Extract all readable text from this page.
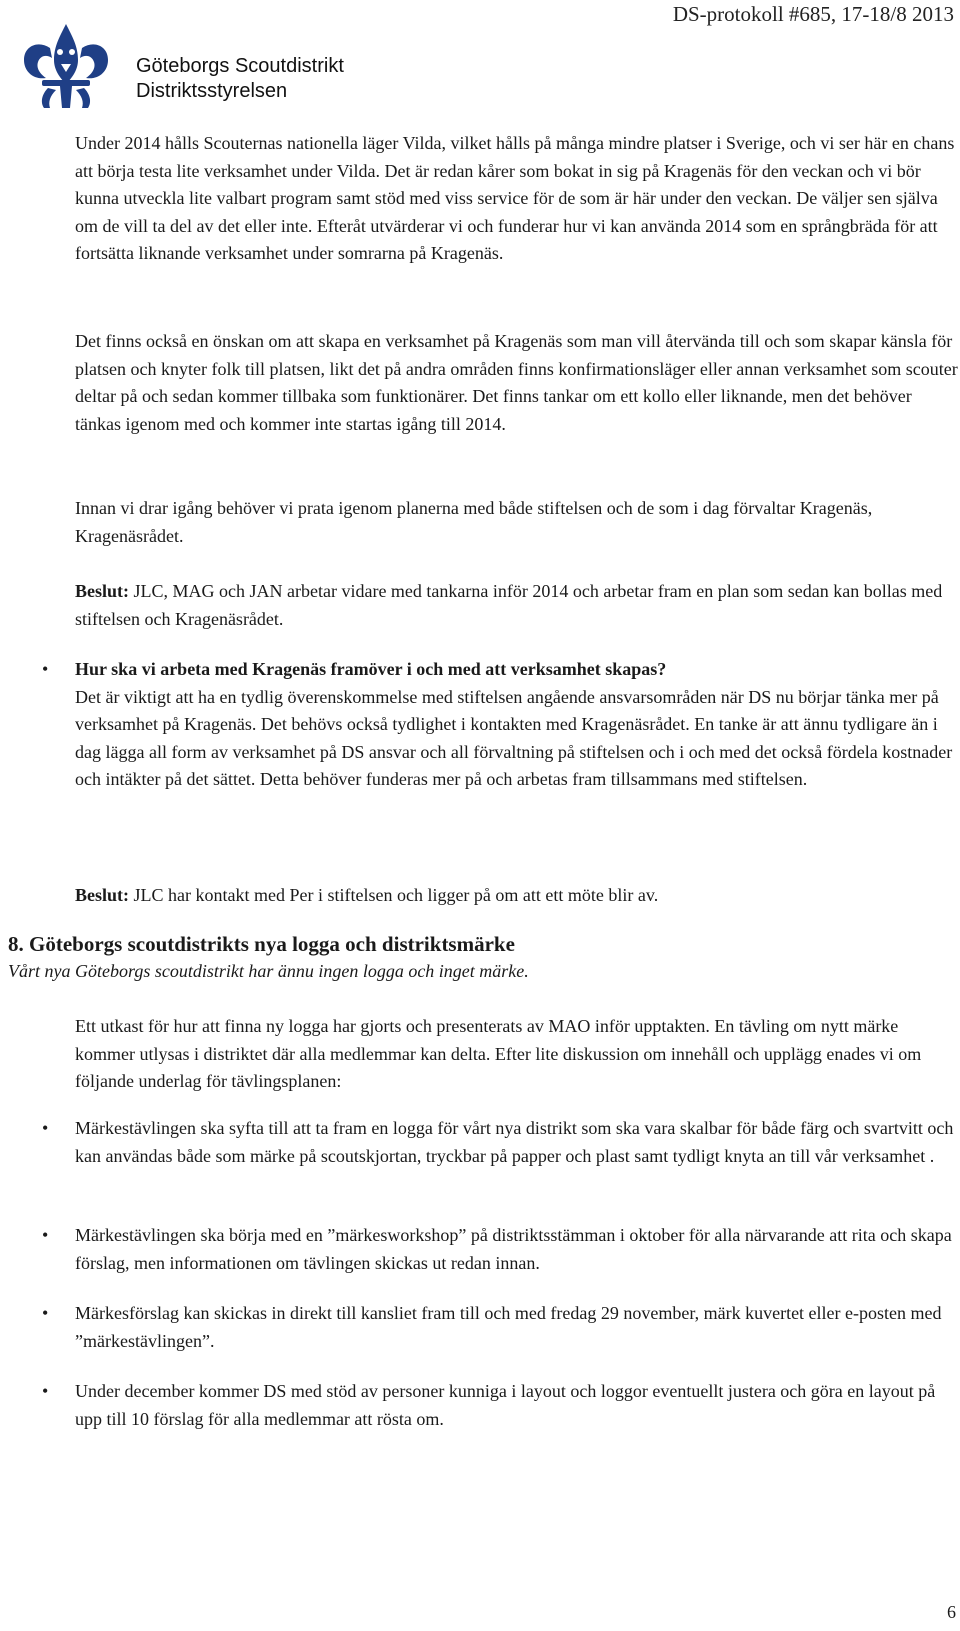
DS-protokoll #685, 17-18/8 2013
Göteborgs Scoutdistrikt
Distriktsstyrelsen

Under 2014 hålls Scouternas nationella läger Vilda, vilket hålls på många mindre platser i Sverige, och vi ser här en chans att börja testa lite verksamhet under Vilda. Det är redan kårer som bokat in sig på Kragenäs för den veckan och vi bör kunna utveckla lite valbart program samt stöd med viss service för de som är här under den veckan. De väljer sen själva om de vill ta del av det eller inte. Efteråt utvärderar vi och funderar hur vi kan använda 2014 som en språngbräda för att fortsätta liknande verksamhet under somrarna på Kragenäs.

Det finns också en önskan om att skapa en verksamhet på Kragenäs som man vill återvända till och som skapar känsla för platsen och knyter folk till platsen, likt det på andra områden finns konfirmationsläger eller annan verksamhet som scouter deltar på och sedan kommer tillbaka som funktionärer. Det finns tankar om ett kollo eller liknande, men det behöver tänkas igenom med och kommer inte startas igång till 2014.

Innan vi drar igång behöver vi prata igenom planerna med både stiftelsen och de som i dag förvaltar Kragenäs, Kragenäsrådet.

Beslut: JLC, MAG och JAN arbetar vidare med tankarna inför 2014 och arbetar fram en plan som sedan kan bollas med stiftelsen och Kragenäsrådet.

• Hur ska vi arbeta med Kragenäs framöver i och med att verksamhet skapas?

Det är viktigt att ha en tydlig överenskommelse med stiftelsen angående ansvarsområden när DS nu börjar tänka mer på verksamhet på Kragenäs. Det behövs också tydlighet i kontakten med Kragenäsrådet. En tanke är att ännu tydligare än i dag lägga all form av verksamhet på DS ansvar och all förvaltning på stiftelsen och i och med det också fördela kostnader och intäkter på det sättet. Detta behöver funderas mer på och arbetas fram tillsammans med stiftelsen.

Beslut: JLC har kontakt med Per i stiftelsen och ligger på om att ett möte blir av.

8. Göteborgs scoutdistrikts nya logga och distriktsmärke

Vårt nya Göteborgs scoutdistrikt har ännu ingen logga och inget märke.

Ett utkast för hur att finna ny logga har gjorts och presenterats av MAO inför upptakten. En tävling om nytt märke kommer utlysas i distriktet där alla medlemmar kan delta. Efter lite diskussion om innehåll och upplägg enades vi om följande underlag för tävlingsplanen:

• Märkestävlingen ska syfta till att ta fram en logga för vårt nya distrikt som ska vara skalbar för både färg och svartvitt och kan användas både som märke på scoutskjortan, tryckbar på papper och plast samt tydligt knyta an till vår verksamhet .

• Märkestävlingen ska börja med en ”märkesworkshop” på distriktsstämman i oktober för alla närvarande att rita och skapa förslag, men informationen om tävlingen skickas ut redan innan.

• Märkesförslag kan skickas in direkt till kansliet fram till och med fredag 29 november, märk kuvertet eller e-posten med ”märkestävlingen”.

• Under december kommer DS med stöd av personer kunniga i layout och loggor eventuellt justera och göra en layout på upp till 10 förslag för alla medlemmar att rösta om.

6
